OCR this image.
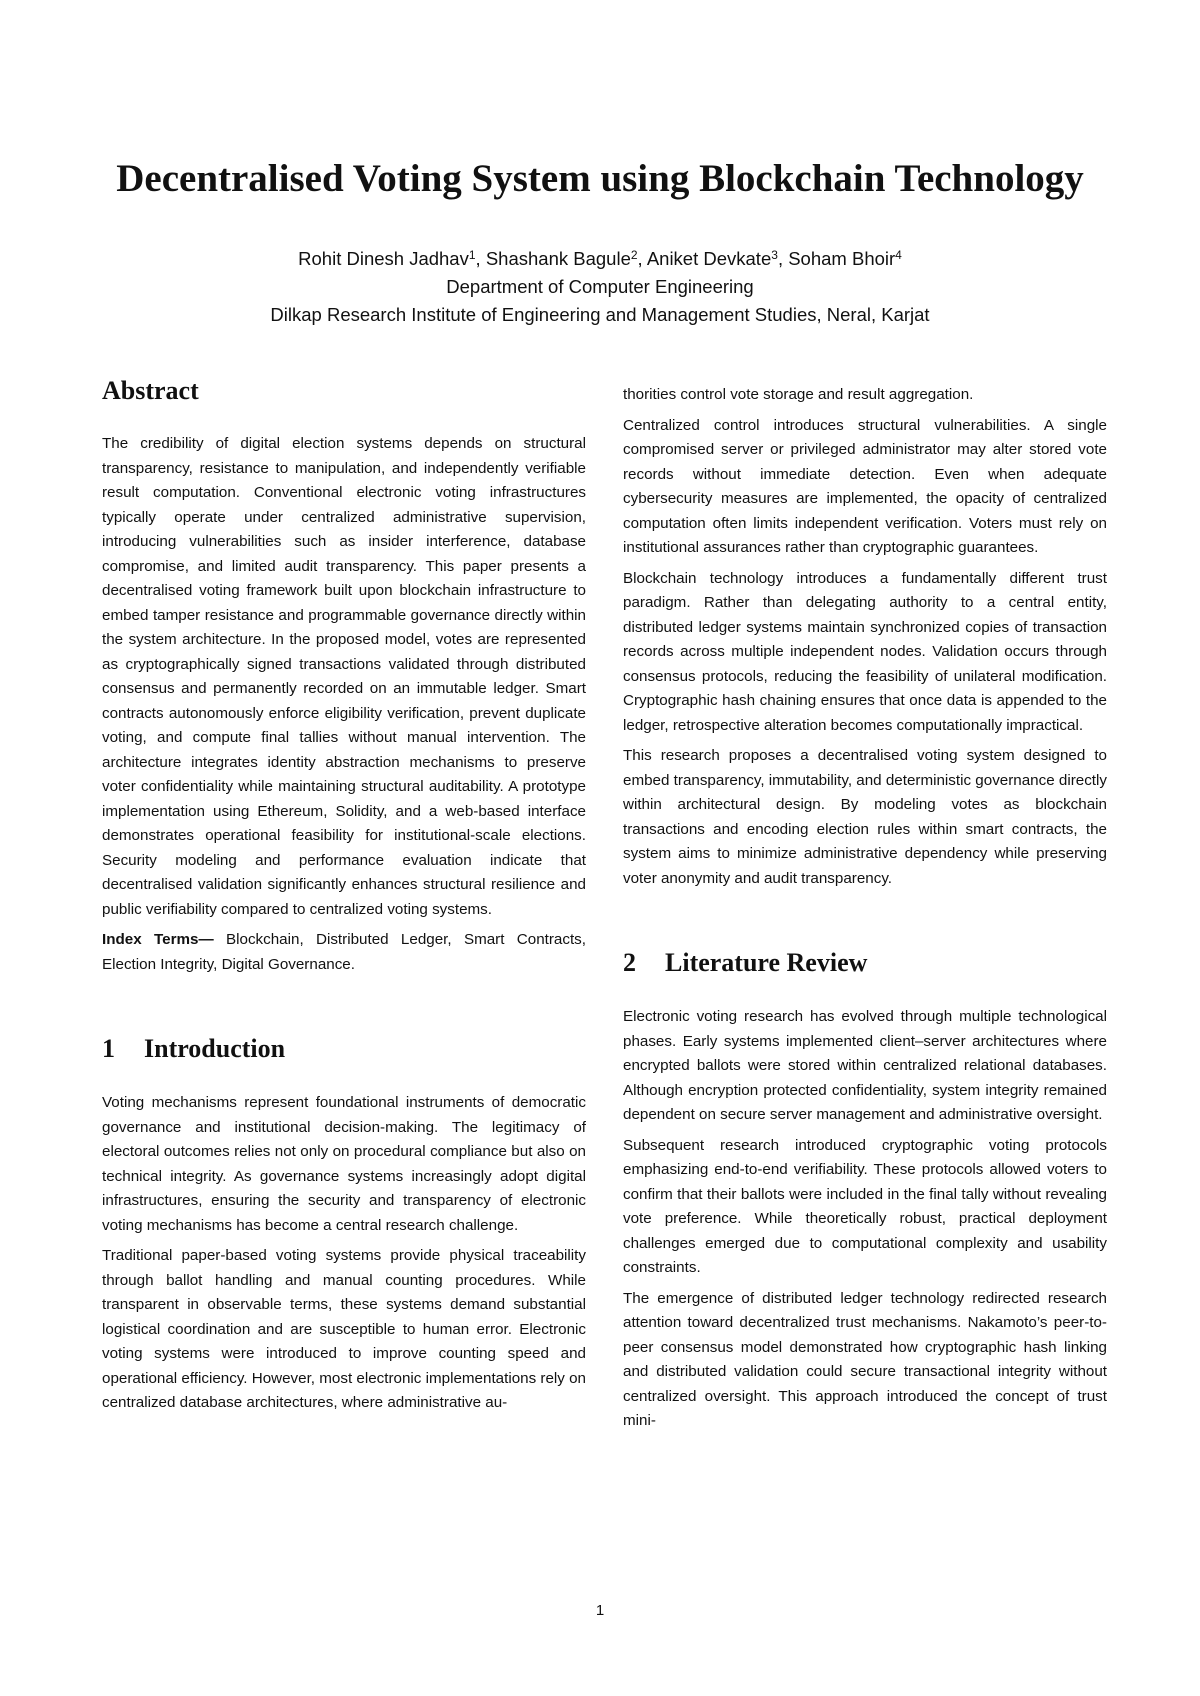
Decentralised Voting System using Blockchain Technology
Rohit Dinesh Jadhav$^1$, Shashank Bagule$^2$, Aniket Devkate$^3$, Soham Bhoir$^4$
Department of Computer Engineering
Dilkap Research Institute of Engineering and Management Studies, Neral, Karjat
Abstract

The credibility of digital election systems depends on structural transparency, resistance to manipulation, and independently verifiable result computation. Conventional electronic voting infrastructures typically operate under centralized administrative supervision, introducing vulnerabilities such as insider interference, database compromise, and limited audit transparency. This paper presents a decentralised voting framework built upon blockchain infrastructure to embed tamper resistance and programmable governance directly within the system architecture. In the proposed model, votes are represented as cryptographically signed transactions validated through distributed consensus and permanently recorded on an immutable ledger. Smart contracts autonomously enforce eligibility verification, prevent duplicate voting, and compute final tallies without manual intervention. The architecture integrates identity abstraction mechanisms to preserve voter confidentiality while maintaining structural auditability. A prototype implementation using Ethereum, Solidity, and a web-based interface demonstrates operational feasibility for institutional-scale elections. Security modeling and performance evaluation indicate that decentralised validation significantly enhances structural resilience and public verifiability compared to centralized voting systems.

Index Terms— Blockchain, Distributed Ledger, Smart Contracts, Election Integrity, Digital Governance.

1 Introduction

Voting mechanisms represent foundational instruments of democratic governance and institutional decision-making. The legitimacy of electoral outcomes relies not only on procedural compliance but also on technical integrity. As governance systems increasingly adopt digital infrastructures, ensuring the security and transparency of electronic voting mechanisms has become a central research challenge.

Traditional paper-based voting systems provide physical traceability through ballot handling and manual counting procedures. While transparent in observable terms, these systems demand substantial logistical coordination and are susceptible to human error. Electronic voting systems were introduced to improve counting speed and operational efficiency. However, most electronic implementations rely on centralized database architectures, where administrative au-

thorities control vote storage and result aggregation.

Centralized control introduces structural vulnerabilities. A single compromised server or privileged administrator may alter stored vote records without immediate detection. Even when adequate cybersecurity measures are implemented, the opacity of centralized computation often limits independent verification. Voters must rely on institutional assurances rather than cryptographic guarantees.

Blockchain technology introduces a fundamentally different trust paradigm. Rather than delegating authority to a central entity, distributed ledger systems maintain synchronized copies of transaction records across multiple independent nodes. Validation occurs through consensus protocols, reducing the feasibility of unilateral modification. Cryptographic hash chaining ensures that once data is appended to the ledger, retrospective alteration becomes computationally impractical.

This research proposes a decentralised voting system designed to embed transparency, immutability, and deterministic governance directly within architectural design. By modeling votes as blockchain transactions and encoding election rules within smart contracts, the system aims to minimize administrative dependency while preserving voter anonymity and audit transparency.

2 Literature Review

Electronic voting research has evolved through multiple technological phases. Early systems implemented client–server architectures where encrypted ballots were stored within centralized relational databases. Although encryption protected confidentiality, system integrity remained dependent on secure server management and administrative oversight.

Subsequent research introduced cryptographic voting protocols emphasizing end-to-end verifiability. These protocols allowed voters to confirm that their ballots were included in the final tally without revealing vote preference. While theoretically robust, practical deployment challenges emerged due to computational complexity and usability constraints.

The emergence of distributed ledger technology redirected research attention toward decentralized trust mechanisms. Nakamoto’s peer-to-peer consensus model demonstrated how cryptographic hash linking and distributed validation could secure transactional integrity without centralized oversight. This approach introduced the concept of trust mini-

1
